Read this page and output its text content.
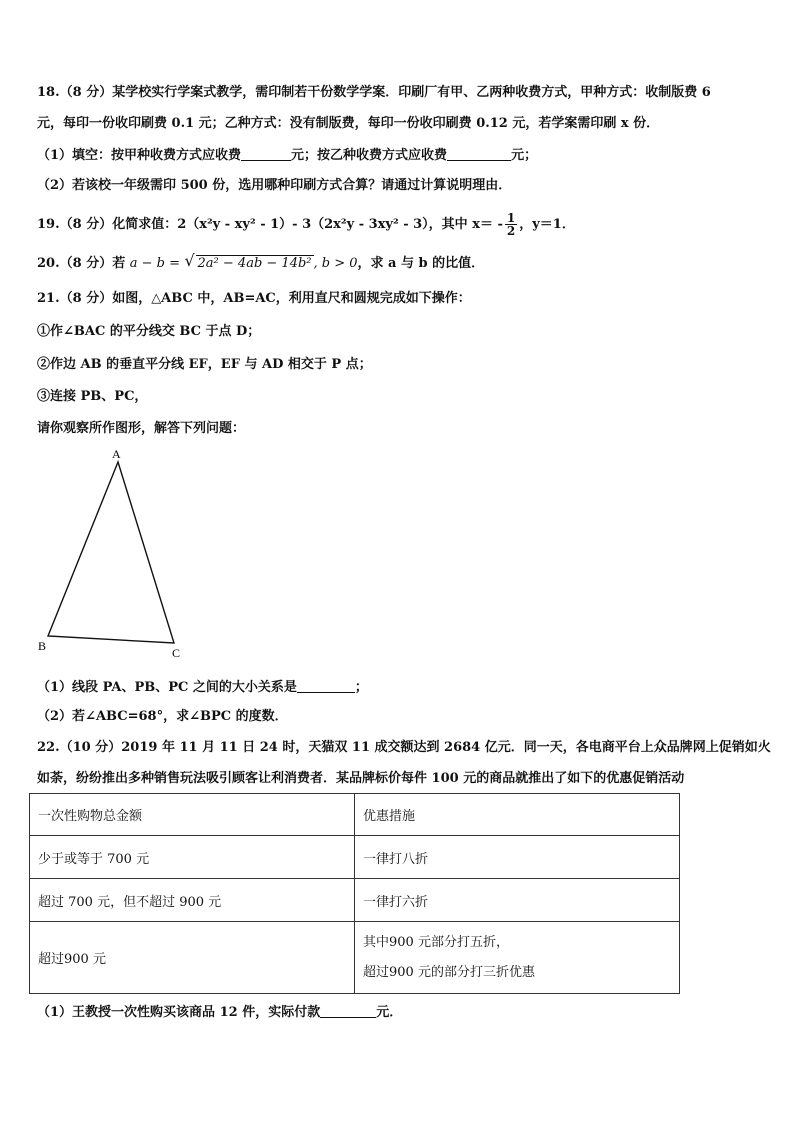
18.（8 分）某学校实行学案式教学，需印制若干份数学学案．印刷厂有甲、乙两种收费方式，甲种方式：收制版费 6
元，每印一份收印刷费 0.1 元；乙种方式：没有制版费，每印一份收印刷费 0.12 元，若学案需印刷 x 份．
（1）填空：按甲种收费方式应收费	元；按乙种收费方式应收费	元；
（2）若该校一年级需印 500 份，选用哪种印刷方式合算？请通过计算说明理由．
19.（8 分）化简求值：2（x²y - xy² - 1）- 3（2x²y - 3xy² - 3），其中 $x= - \frac{1}{2}$ ，y＝1．
20.（8 分）若 a − b = √ 2a² − 4ab − 14b² , b > 0，求 a 与 b 的比值．
21.（8 分）如图，△ABC 中，AB=AC，利用直尺和圆规完成如下操作：
①作∠BAC 的平分线交 BC 于点 D；
②作边 AB 的垂直平分线 EF，EF 与 AD 相交于 P 点；
③连接 PB、PC，
请你观察所作图形，解答下列问题：
A
B	C
（1）线段 PA、PB、PC 之间的大小关系是	；
（2）若∠ABC=68°，求∠BPC 的度数．
22.（10 分）2019 年 11 月 11 日 24 时，天猫双 11 成交额达到 2684 亿元．同一天，各电商平台上众品牌网上促销如火
如荼，纷纷推出多种销售玩法吸引顾客让利消费者．某品牌标价每件 100 元的商品就推出了如下的优惠促销活动
一次性购物总金额	优惠措施
少于或等于 700 元	一律打八折
超过 700 元，但不超过 900 元	一律打六折
超过900 元	其中900 元部分打五折，
超过900 元的部分打三折优惠
（1）王教授一次性购买该商品 12 件，实际付款	元．
